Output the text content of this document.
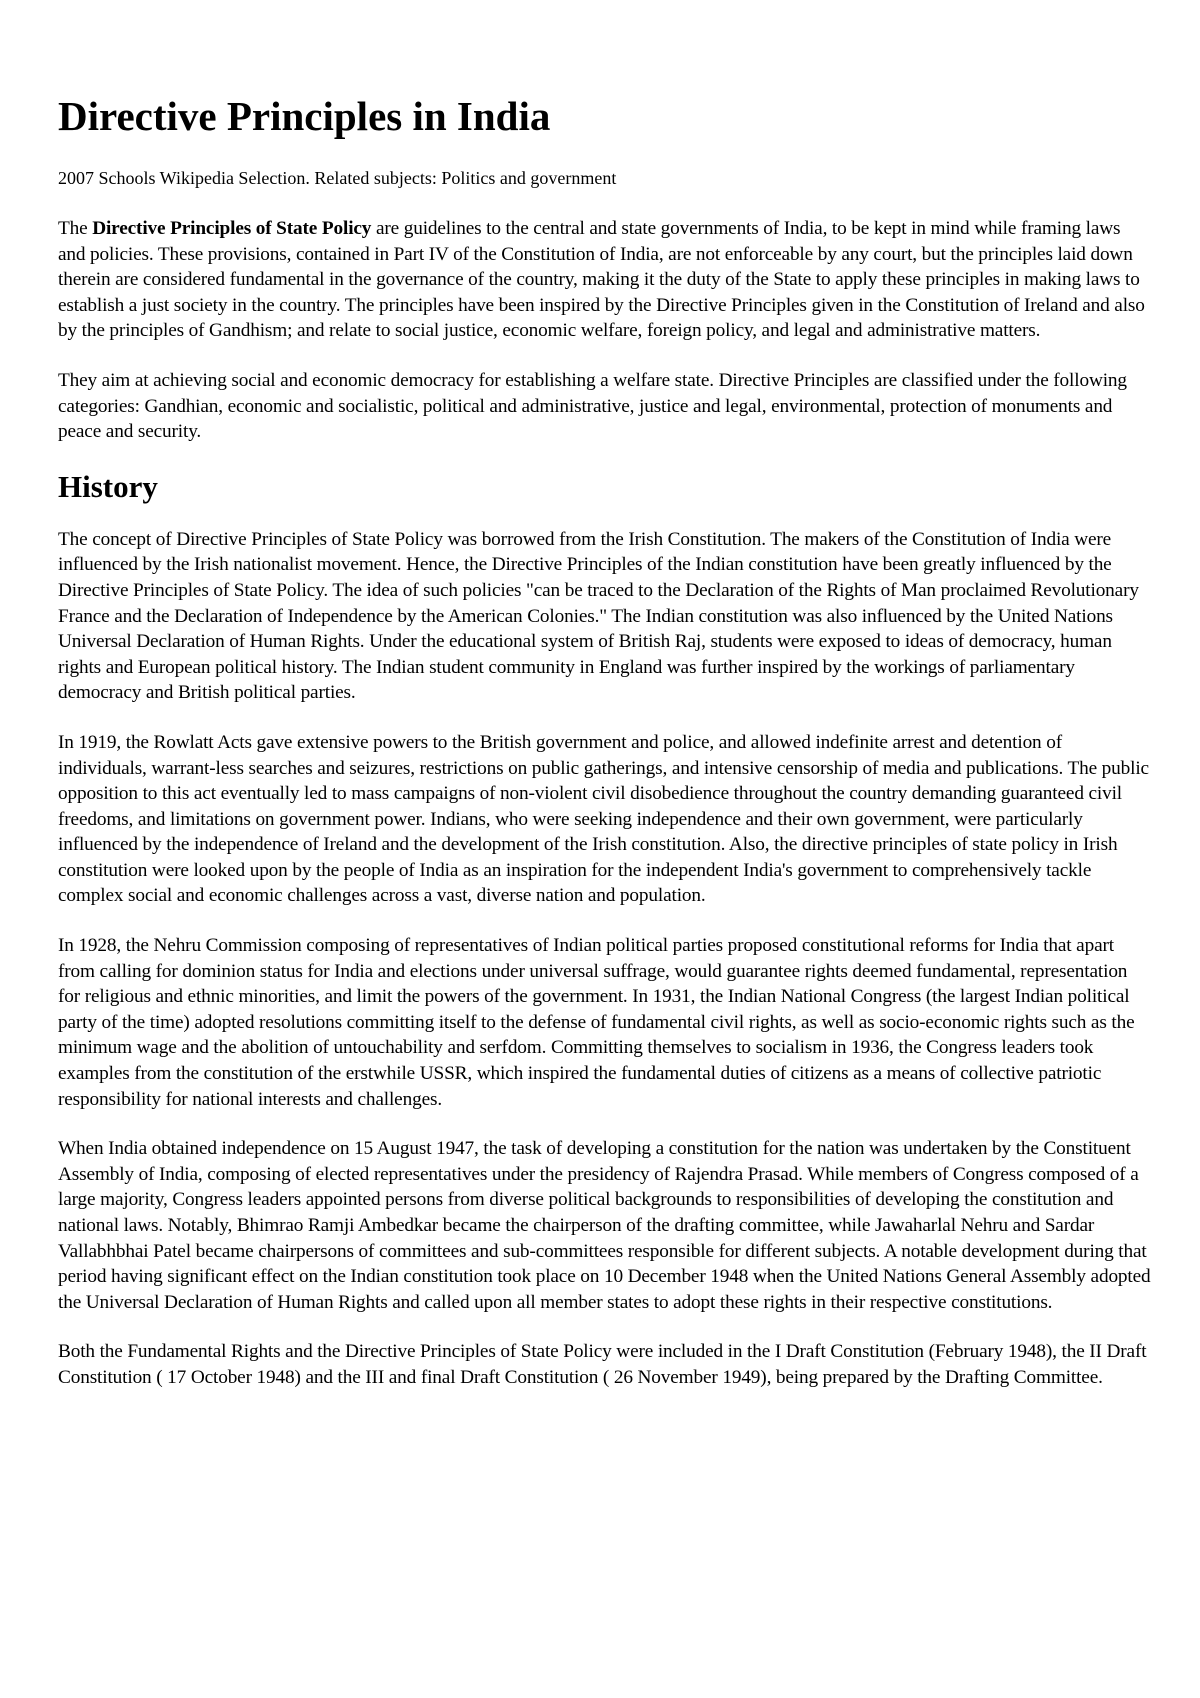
Directive Principles in India
2007 Schools Wikipedia Selection. Related subjects: Politics and government

The Directive Principles of State Policy are guidelines to the central and state governments of India, to be kept in mind while framing laws and policies. These provisions, contained in Part IV of the Constitution of India, are not enforceable by any court, but the principles laid down therein are considered fundamental in the governance of the country, making it the duty of the State to apply these principles in making laws to establish a just society in the country. The principles have been inspired by the Directive Principles given in the Constitution of Ireland and also by the principles of Gandhism; and relate to social justice, economic welfare, foreign policy, and legal and administrative matters.

They aim at achieving social and economic democracy for establishing a welfare state. Directive Principles are classified under the following categories: Gandhian, economic and socialistic, political and administrative, justice and legal, environmental, protection of monuments and peace and security.

History

The concept of Directive Principles of State Policy was borrowed from the Irish Constitution. The makers of the Constitution of India were influenced by the Irish nationalist movement. Hence, the Directive Principles of the Indian constitution have been greatly influenced by the Directive Principles of State Policy. The idea of such policies "can be traced to the Declaration of the Rights of Man proclaimed Revolutionary France and the Declaration of Independence by the American Colonies." The Indian constitution was also influenced by the United Nations Universal Declaration of Human Rights. Under the educational system of British Raj, students were exposed to ideas of democracy, human rights and European political history. The Indian student community in England was further inspired by the workings of parliamentary democracy and British political parties.

In 1919, the Rowlatt Acts gave extensive powers to the British government and police, and allowed indefinite arrest and detention of individuals, warrant-less searches and seizures, restrictions on public gatherings, and intensive censorship of media and publications. The public opposition to this act eventually led to mass campaigns of non-violent civil disobedience throughout the country demanding guaranteed civil freedoms, and limitations on government power. Indians, who were seeking independence and their own government, were particularly influenced by the independence of Ireland and the development of the Irish constitution. Also, the directive principles of state policy in Irish constitution were looked upon by the people of India as an inspiration for the independent India's government to comprehensively tackle complex social and economic challenges across a vast, diverse nation and population.

In 1928, the Nehru Commission composing of representatives of Indian political parties proposed constitutional reforms for India that apart from calling for dominion status for India and elections under universal suffrage, would guarantee rights deemed fundamental, representation for religious and ethnic minorities, and limit the powers of the government. In 1931, the Indian National Congress (the largest Indian political party of the time) adopted resolutions committing itself to the defense of fundamental civil rights, as well as socio-economic rights such as the minimum wage and the abolition of untouchability and serfdom. Committing themselves to socialism in 1936, the Congress leaders took examples from the constitution of the erstwhile USSR, which inspired the fundamental duties of citizens as a means of collective patriotic responsibility for national interests and challenges.

When India obtained independence on 15 August 1947, the task of developing a constitution for the nation was undertaken by the Constituent Assembly of India, composing of elected representatives under the presidency of Rajendra Prasad. While members of Congress composed of a large majority, Congress leaders appointed persons from diverse political backgrounds to responsibilities of developing the constitution and national laws. Notably, Bhimrao Ramji Ambedkar became the chairperson of the drafting committee, while Jawaharlal Nehru and Sardar Vallabhbhai Patel became chairpersons of committees and sub-committees responsible for different subjects. A notable development during that period having significant effect on the Indian constitution took place on 10 December 1948 when the United Nations General Assembly adopted the Universal Declaration of Human Rights and called upon all member states to adopt these rights in their respective constitutions.

Both the Fundamental Rights and the Directive Principles of State Policy were included in the I Draft Constitution (February 1948), the II Draft Constitution ( 17 October 1948) and the III and final Draft Constitution ( 26 November 1949), being prepared by the Drafting Committee.
